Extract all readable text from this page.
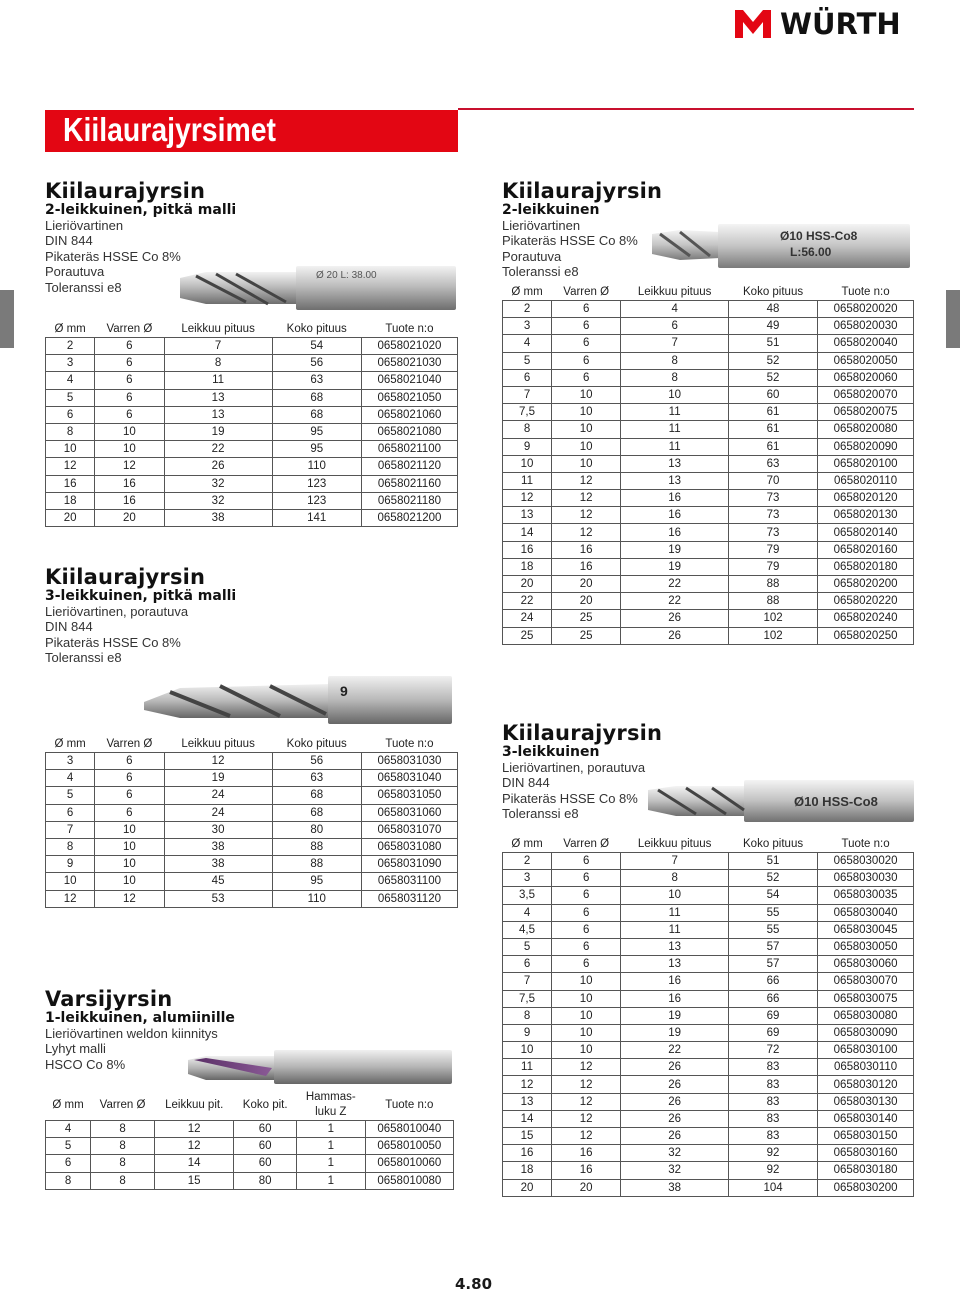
WÜRTH
Kiilaurajyrsimet
Kiilaurajyrsin
2-leikkuinen, pitkä malli
Lieriövartinen
DIN 844
Pikateräs HSSE Co 8%
Porautuva
Toleranssi e8
Ø 20 L: 38.00
Ø mm	Varren Ø	Leikkuu pituus	Koko pituus	Tuote n:o
2	6	7	54	0658021020
3	6	8	56	0658021030
4	6	11	63	0658021040
5	6	13	68	0658021050
6	6	13	68	0658021060
8	10	19	95	0658021080
10	10	22	95	0658021100
12	12	26	110	0658021120
16	16	32	123	0658021160
18	16	32	123	0658021180
20	20	38	141	0658021200
Kiilaurajyrsin
2-leikkuinen
Lieriövartinen
Pikateräs HSSE Co 8%
Porautuva
Toleranssi e8
Ø10 HSS-Co8
L:56.00
Ø mm	Varren Ø	Leikkuu pituus	Koko pituus	Tuote n:o
2	6	4	48	0658020020
3	6	6	49	0658020030
4	6	7	51	0658020040
5	6	8	52	0658020050
6	6	8	52	0658020060
7	10	10	60	0658020070
7,5	10	11	61	0658020075
8	10	11	61	0658020080
9	10	11	61	0658020090
10	10	13	63	0658020100
11	12	13	70	0658020110
12	12	16	73	0658020120
13	12	16	73	0658020130
14	12	16	73	0658020140
16	16	19	79	0658020160
18	16	19	79	0658020180
20	20	22	88	0658020200
22	20	22	88	0658020220
24	25	26	102	0658020240
25	25	26	102	0658020250
Kiilaurajyrsin
3-leikkuinen, pitkä malli
Lieriövartinen, porautuva
DIN 844
Pikateräs HSSE Co 8%
Toleranssi e8
9
Ø mm	Varren Ø	Leikkuu pituus	Koko pituus	Tuote n:o
3	6	12	56	0658031030
4	6	19	63	0658031040
5	6	24	68	0658031050
6	6	24	68	0658031060
7	10	30	80	0658031070
8	10	38	88	0658031080
9	10	38	88	0658031090
10	10	45	95	0658031100
12	12	53	110	0658031120
Kiilaurajyrsin
3-leikkuinen
Lieriövartinen, porautuva
DIN 844
Pikateräs HSSE Co 8%
Toleranssi e8
Ø10 HSS-Co8
Ø mm	Varren Ø	Leikkuu pituus	Koko pituus	Tuote n:o
2	6	7	51	0658030020
3	6	8	52	0658030030
3,5	6	10	54	0658030035
4	6	11	55	0658030040
4,5	6	11	55	0658030045
5	6	13	57	0658030050
6	6	13	57	0658030060
7	10	16	66	0658030070
7,5	10	16	66	0658030075
8	10	19	69	0658030080
9	10	19	69	0658030090
10	10	22	72	0658030100
11	12	26	83	0658030110
12	12	26	83	0658030120
13	12	26	83	0658030130
14	12	26	83	0658030140
15	12	26	83	0658030150
16	16	32	92	0658030160
18	16	32	92	0658030180
20	20	38	104	0658030200
Varsijyrsin
1-leikkuinen, alumiinille
Lieriövartinen weldon kiinnitys
Lyhyt malli
HSCO Co 8%
Ø mm	Varren Ø	Leikkuu pit.	Koko pit.	Hammas-
luku Z	Tuote n:o
4	8	12	60	1	0658010040
5	8	12	60	1	0658010050
6	8	14	60	1	0658010060
8	8	15	80	1	0658010080
4.80
